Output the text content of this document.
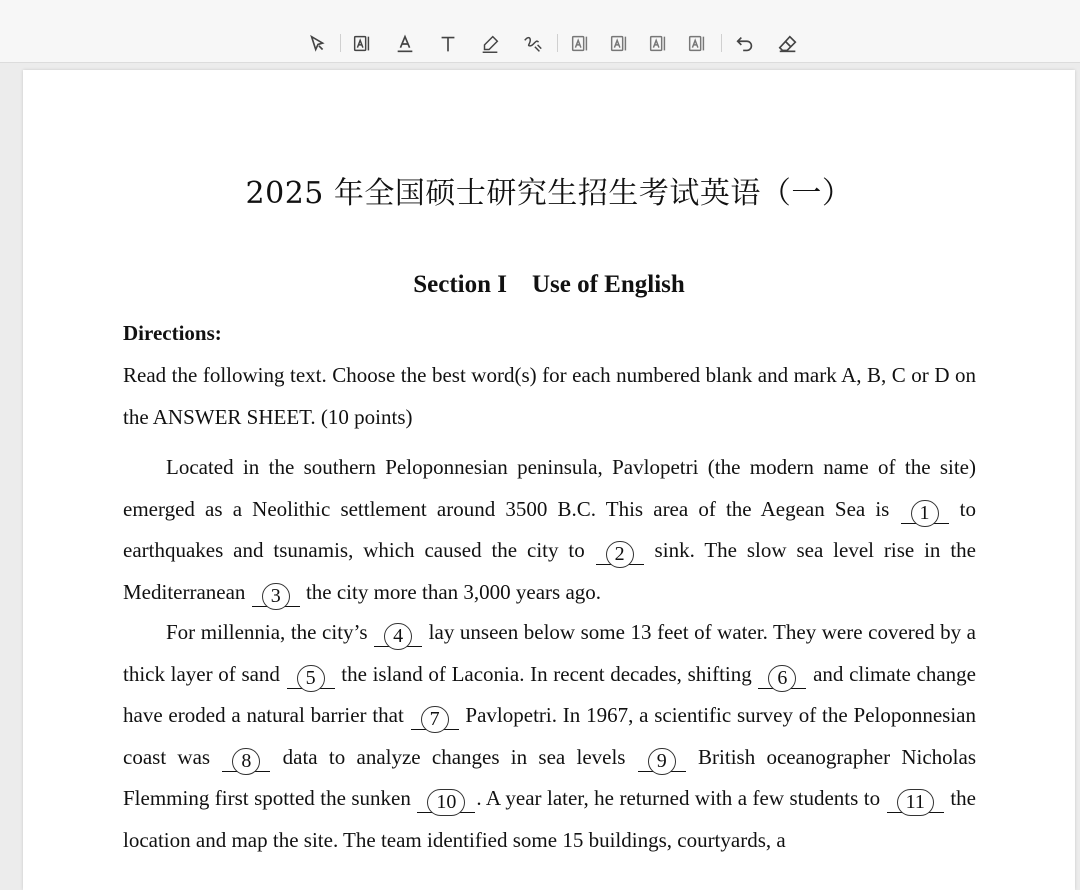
2025 年全国硕士研究生招生考试英语（一）
Section I　Use of English
Directions:
Read the following text. Choose the best word(s) for each numbered blank and mark A, B, C or D on the ANSWER SHEET. (10 points)
Located in the southern Peloponnesian peninsula, Pavlopetri (the modern name of the site) emerged as a Neolithic settlement around 3500 B.C. This area of the Aegean Sea is 1 to earthquakes and tsunamis, which caused the city to 2 sink. The slow sea level rise in the Mediterranean 3 the city more than 3,000 years ago.
For millennia, the city’s 4 lay unseen below some 13 feet of water. They were covered by a thick layer of sand 5 the island of Laconia. In recent decades, shifting 6 and climate change have eroded a natural barrier that 7 Pavlopetri. In 1967, a scientific survey of the Peloponnesian coast was 8 data to analyze changes in sea levels 9 British oceanographer Nicholas Flemming first spotted the sunken 10 . A year later, he returned with a few students to 11 the location and map the site. The team identified some 15 buildings, courtyards, a
